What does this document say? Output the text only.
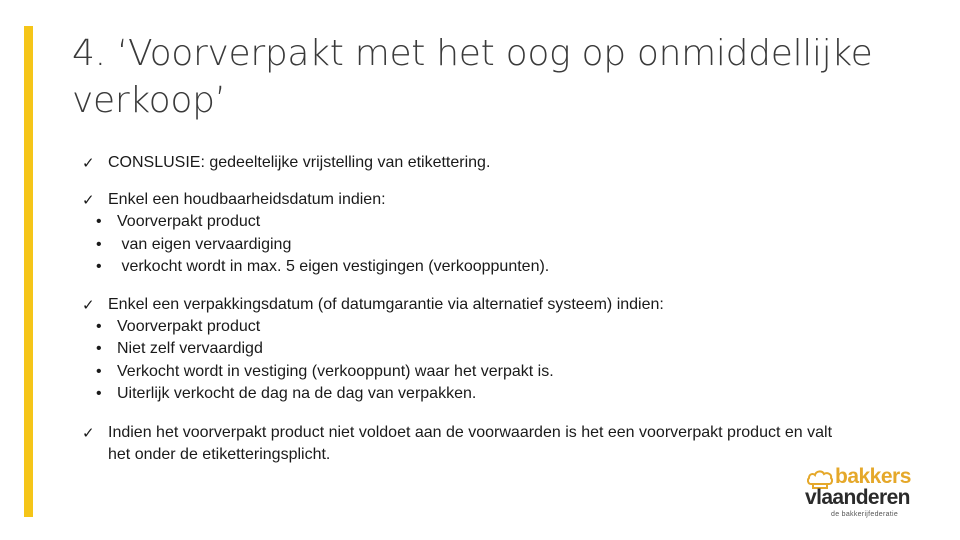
4. ‘Voorverpakt met het oog op onmiddellijke verkoop’
✓ CONSLUSIE: gedeeltelijke vrijstelling van etikettering.
✓ Enkel een houdbaarheidsdatum indien:
• Voorverpakt product
• van eigen vervaardiging
• verkocht wordt in max. 5 eigen vestigingen (verkooppunten).
✓ Enkel een verpakkingsdatum (of datumgarantie via alternatief systeem) indien:
• Voorverpakt product
• Niet zelf vervaardigd
• Verkocht wordt in vestiging (verkooppunt) waar het verpakt is.
• Uiterlijk verkocht de dag na de dag van verpakken.
✓ Indien het voorverpakt product niet voldoet aan de voorwaarden is het een voorverpakt product en valt het onder de etiketteringsplicht.
bakkers
vlaanderen
de bakkerijfederatie
